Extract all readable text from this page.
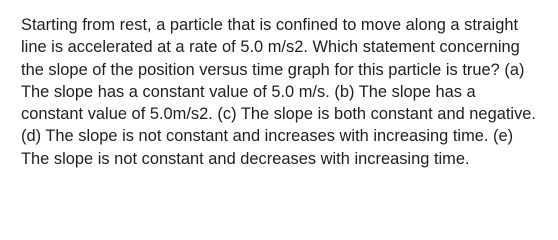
Starting from rest, a particle that is confined to move along a straight line is accelerated at a rate of 5.0 m/s2. Which statement concerning the slope of the position versus time graph for this particle is true? (a) The slope has a constant value of 5.0 m/s. (b) The slope has a constant value of 5.0m/s2. (c) The slope is both constant and negative. (d) The slope is not constant and increases with increasing time. (e) The slope is not constant and decreases with increasing time.
